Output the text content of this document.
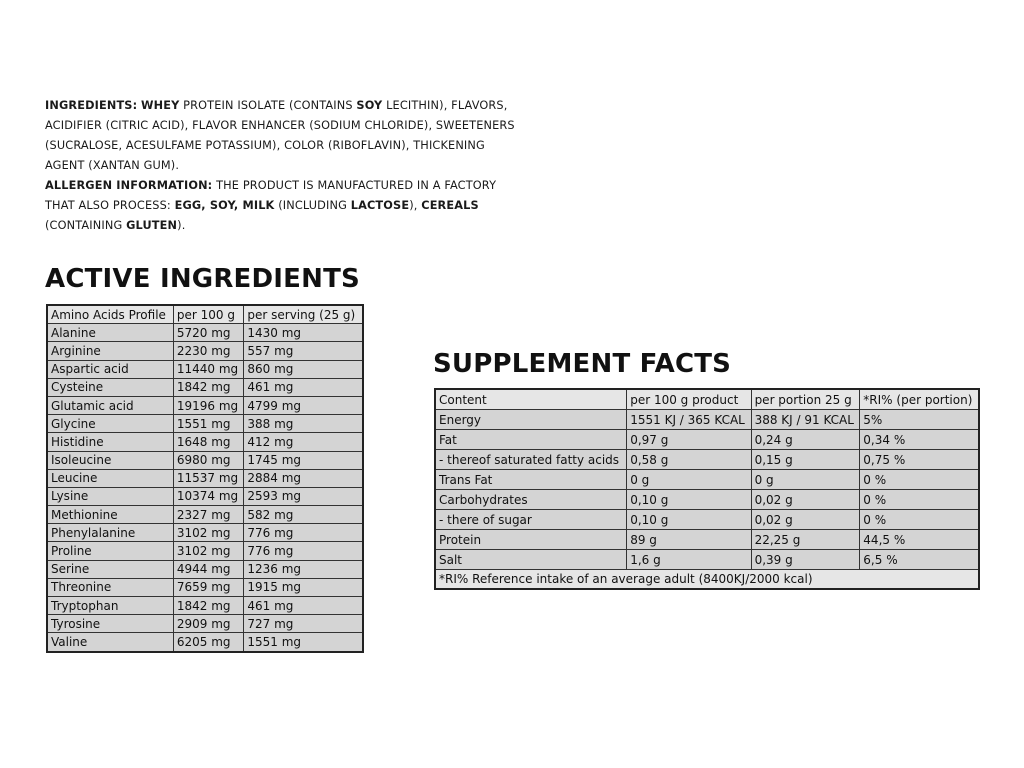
INGREDIENTS: WHEY PROTEIN ISOLATE (CONTAINS SOY LECITHIN), FLAVORS, ACIDIFIER (CITRIC ACID), FLAVOR ENHANCER (SODIUM CHLORIDE), SWEETENERS (SUCRALOSE, ACESULFAME POTASSIUM), COLOR (RIBOFLAVIN), THICKENING AGENT (XANTAN GUM).
ALLERGEN INFORMATION: THE PRODUCT IS MANUFACTURED IN A FACTORY THAT ALSO PROCESS: EGG, SOY, MILK (INCLUDING LACTOSE), CEREALS (CONTAINING GLUTEN).
ACTIVE INGREDIENTS
Amino Acids Profile	per 100 g	per serving (25 g)
Alanine	5720 mg	1430 mg
Arginine	2230 mg	557 mg
Aspartic acid	11440 mg	860 mg
Cysteine	1842 mg	461 mg
Glutamic acid	19196 mg	4799 mg
Glycine	1551 mg	388 mg
Histidine	1648 mg	412 mg
Isoleucine	6980 mg	1745 mg
Leucine	11537 mg	2884 mg
Lysine	10374 mg	2593 mg
Methionine	2327 mg	582 mg
Phenylalanine	3102 mg	776 mg
Proline	3102 mg	776 mg
Serine	4944 mg	1236 mg
Threonine	7659 mg	1915 mg
Tryptophan	1842 mg	461 mg
Tyrosine	2909 mg	727 mg
Valine	6205 mg	1551 mg
SUPPLEMENT FACTS
Content	per 100 g product	per portion 25 g	*RI% (per portion)
Energy	1551 KJ / 365 KCAL	388 KJ / 91 KCAL	5%
Fat	0,97 g	0,24 g	0,34 %
- thereof saturated fatty acids	0,58 g	0,15 g	0,75 %
Trans Fat	0 g	0 g	0 %
Carbohydrates	0,10 g	0,02 g	0 %
- there of sugar	0,10 g	0,02 g	0 %
Protein	89 g	22,25 g	44,5 %
Salt	1,6 g	0,39 g	6,5 %
*RI% Reference intake of an average adult (8400KJ/2000 kcal)			
